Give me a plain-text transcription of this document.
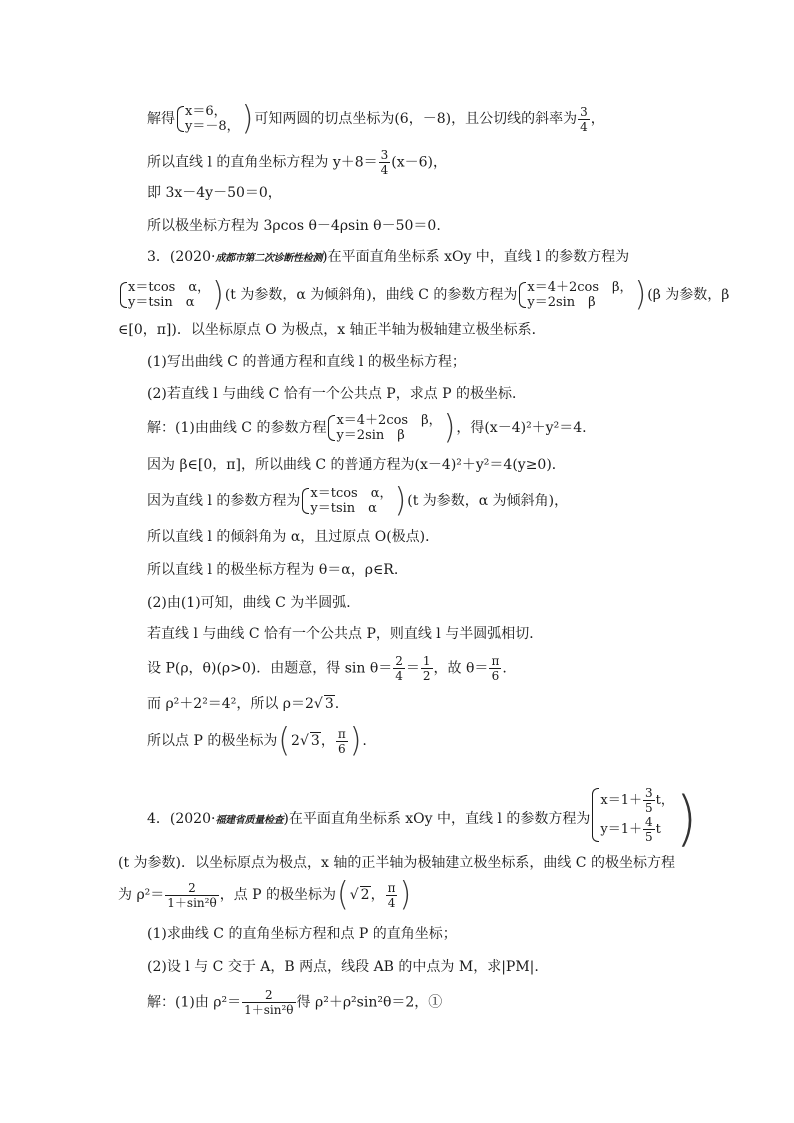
解得 x＝6，
y＝－8， )可知两圆的切点坐标为(6，－8)，且公切线的斜率为 $\frac{3}{4}$ ，
所以直线 l 的直角坐标方程为 $y+8= \frac{3}{4} (x-6)$，
即 3x－4y－50＝0，
所以极坐标方程为 3ρcos θ－4ρsin θ－50＝0.
3．(2020·成都市第二次诊断性检测)在平面直角坐标系 xOy 中，直线 l 的参数方程为
x＝tcos　α，
y＝tsin　α )(t 为参数，α 为倾斜角)，曲线 C 的参数方程为 x＝4＋2cos　β，
y＝2sin　β	)(β 为参数，β
∈[0，π])．以坐标原点 O 为极点，x 轴正半轴为极轴建立极坐标系．
(1)写出曲线 C 的普通方程和直线 l 的极坐标方程；
(2)若直线 l 与曲线 C 恰有一个公共点 P，求点 P 的极坐标．
解：(1)由曲线 C 的参数方程 x＝4＋2cos　β，
y＝2sin　β	)，得(x－4)²＋y²＝4.
因为 β∈[0，π]，所以曲线 C 的普通方程为(x－4)²＋y²＝4(y≥0)．
因为直线 l 的参数方程为 x＝tcos　α，
y＝tsin　α )(t 为参数，α 为倾斜角)，
所以直线 l 的倾斜角为 α，且过原点 O(极点)．
所以直线 l 的极坐标方程为 θ＝α，ρ∈R.
(2)由(1)可知，曲线 C 为半圆弧．
若直线 l 与曲线 C 恰有一个公共点 P，则直线 l 与半圆弧相切．
设 P(ρ，θ)(ρ>0)．由题意，得 $\sin \theta= \frac{2}{4} = \frac{1}{2}$ ，故 $\theta= \frac{\pi}{6}$ .
而 ρ²＋2²＝4²，所以 ρ＝2√ 3.
所以点 P 的极坐标为(2√ 3， $\frac{\pi}{6}$ ).
4．(2020·福建省质量检查)在平面直角坐标系 xOy 中，直线 l 的参数方程为
$x=1+ \frac{3}{5}$ t，
$y=1+ \frac{4}{5}$ t )
(t 为参数)．以坐标原点为极点，x 轴的正半轴为极轴建立极坐标系，曲线 C 的极坐标方程
为 $\rho^2= \frac{2}{\text{1＋sin²θ}}$ ，点 P 的极坐标为(√ 2， $\frac{\pi}{4}$ )
(1)求曲线 C 的直角坐标方程和点 P 的直角坐标；
(2)设 l 与 C 交于 A，B 两点，线段 AB 的中点为 M，求|PM|.
解：(1)由 $\rho^2= \frac{2}{\text{1＋sin²θ}}$ 得 ρ²＋ρ²sin²θ＝2，①
